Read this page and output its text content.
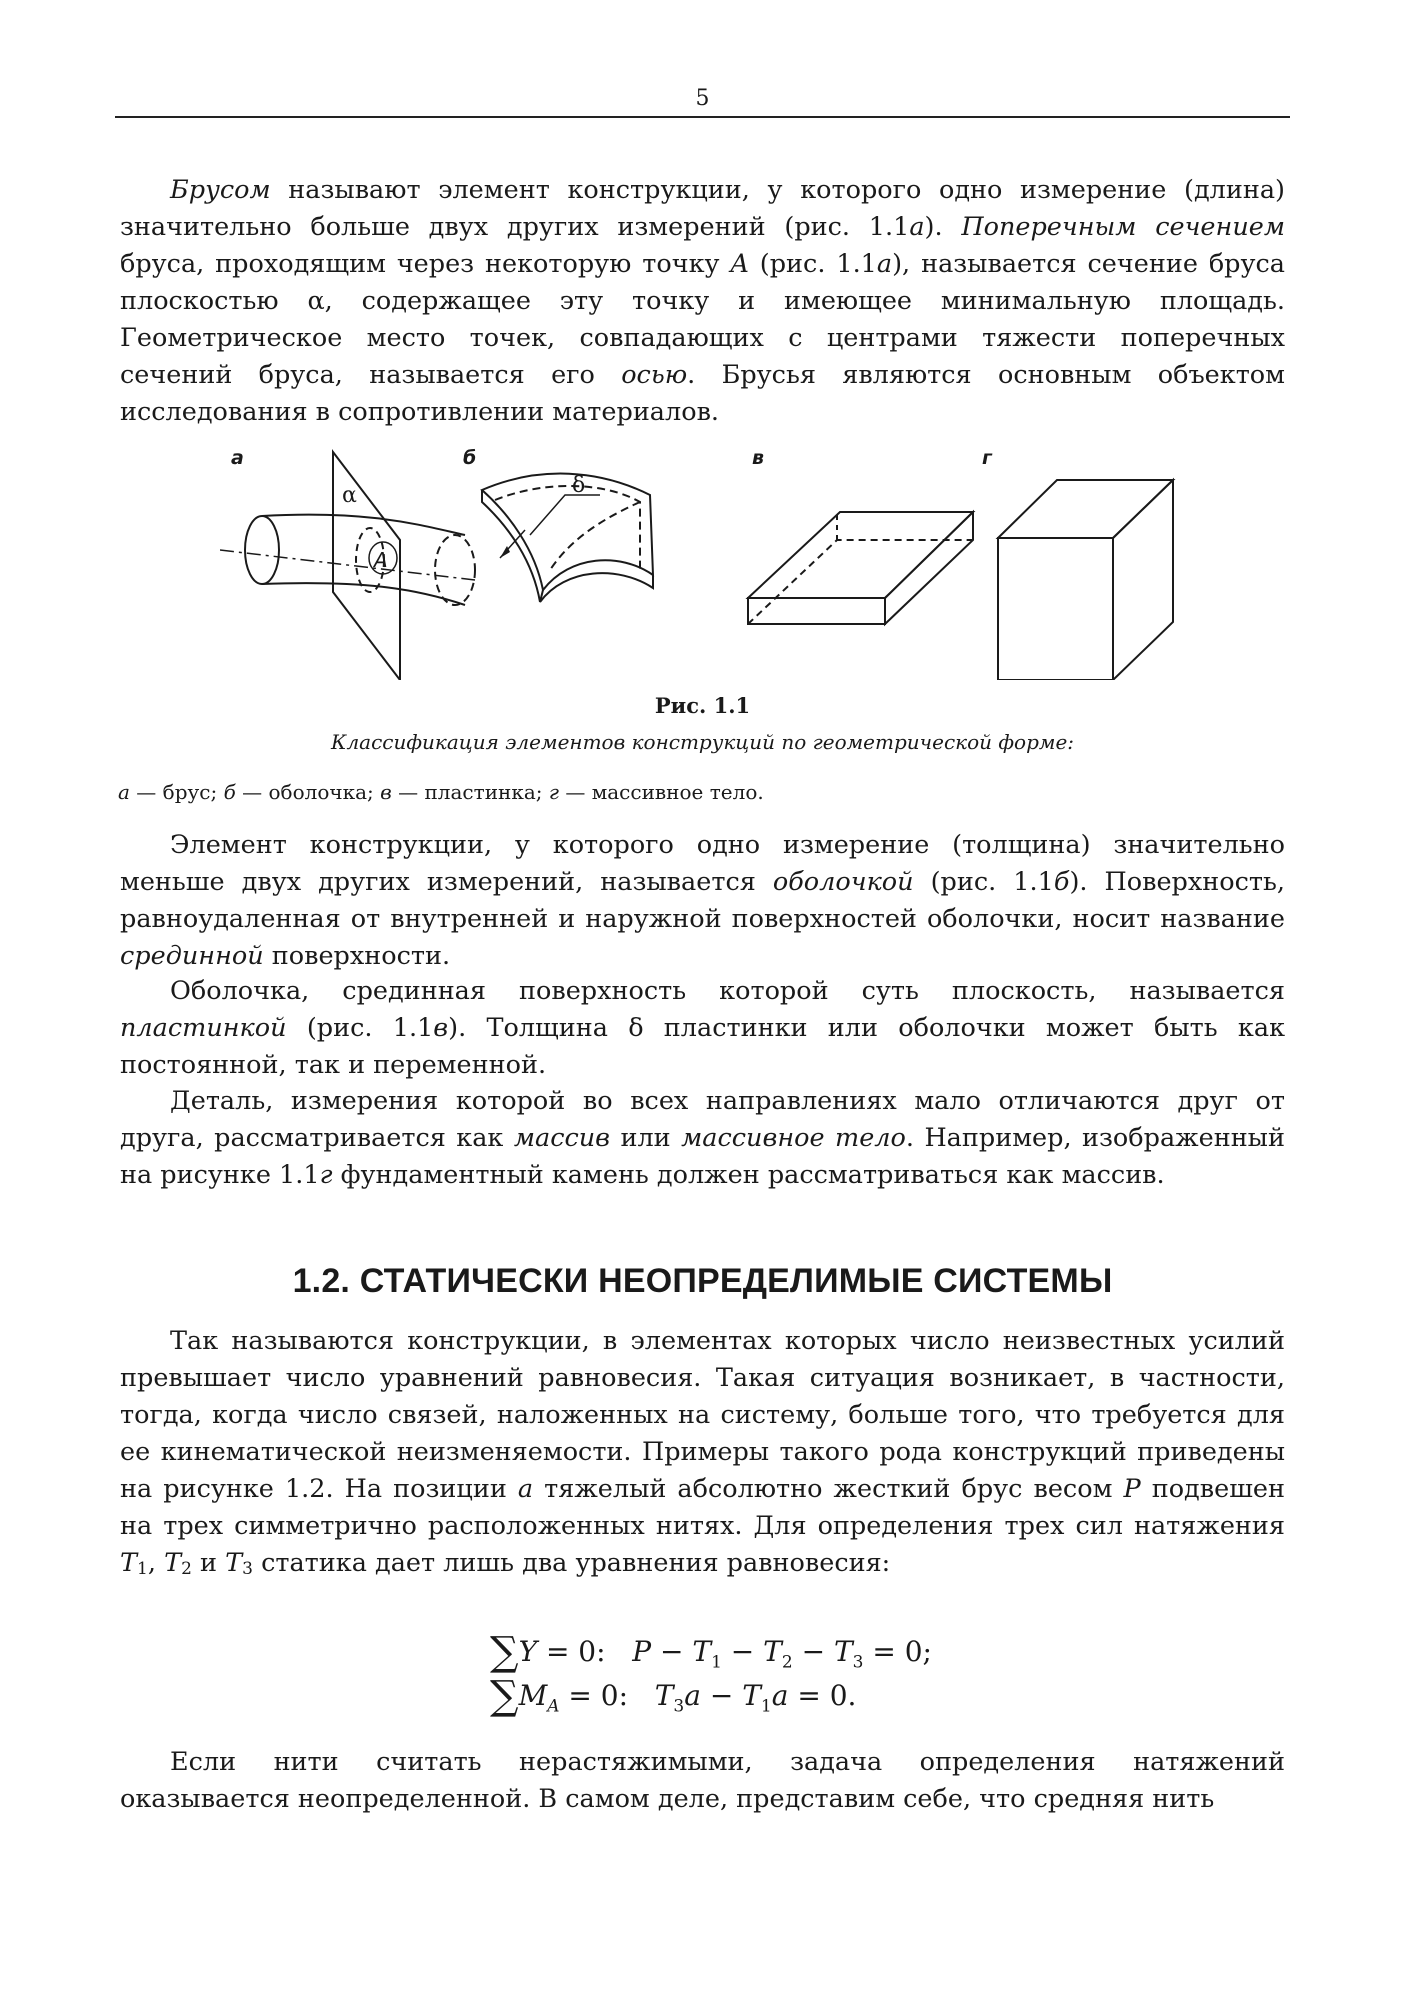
5

Брусом называют элемент конструкции, у которого одно измерение (длина) значительно больше двух других измерений (рис. 1.1а). Поперечным сечением бруса, проходящим через некоторую точку A (рис. 1.1а), называется сечение бруса плоскостью α, содержащее эту точку и имеющее минимальную площадь. Геометрическое место точек, совпадающих с центрами тяжести поперечных сечений бруса, называется его осью. Брусья являются основным объектом исследования в сопротивлении материалов.

а	б	в	г
α
A
δ
Рис. 1.1
Классификация элементов конструкций по геометрической форме:
а — брус; б — оболочка; в — пластинка; г — массивное тело.

Элемент конструкции, у которого одно измерение (толщина) значительно меньше двух других измерений, называется оболочкой (рис. 1.1б). Поверхность, равноудаленная от внутренней и наружной поверхностей оболочки, носит название срединной поверхности.

Оболочка, срединная поверхность которой суть плоскость, называется пластинкой (рис. 1.1в). Толщина δ пластинки или оболочки может быть как постоянной, так и переменной.

Деталь, измерения которой во всех направлениях мало отличаются друг от друга, рассматривается как массив или массивное тело. Например, изображенный на рисунке 1.1г фундаментный камень должен рассматриваться как массив.

1.2. СТАТИЧЕСКИ НЕОПРЕДЕЛИМЫЕ СИСТЕМЫ

Так называются конструкции, в элементах которых число неизвестных усилий превышает число уравнений равновесия. Такая ситуация возникает, в частности, тогда, когда число связей, наложенных на систему, больше того, что требуется для ее кинематической неизменяемости. Примеры такого рода конструкций приведены на рисунке 1.2. На позиции а тяжелый абсолютно жесткий брус весом P подвешен на трех симметрично расположенных нитях. Для определения трех сил натяжения T1, T2 и T3 статика дает лишь два уравнения равновесия:

∑Y = 0:   $P - T_1 - T_2 - T_3 = 0$;
$\sum M_A = 0$:   $T_3a - T_1a = 0$.

Если нити считать нерастяжимыми, задача определения натяжений оказывается неопределенной. В самом деле, представим себе, что средняя нить
